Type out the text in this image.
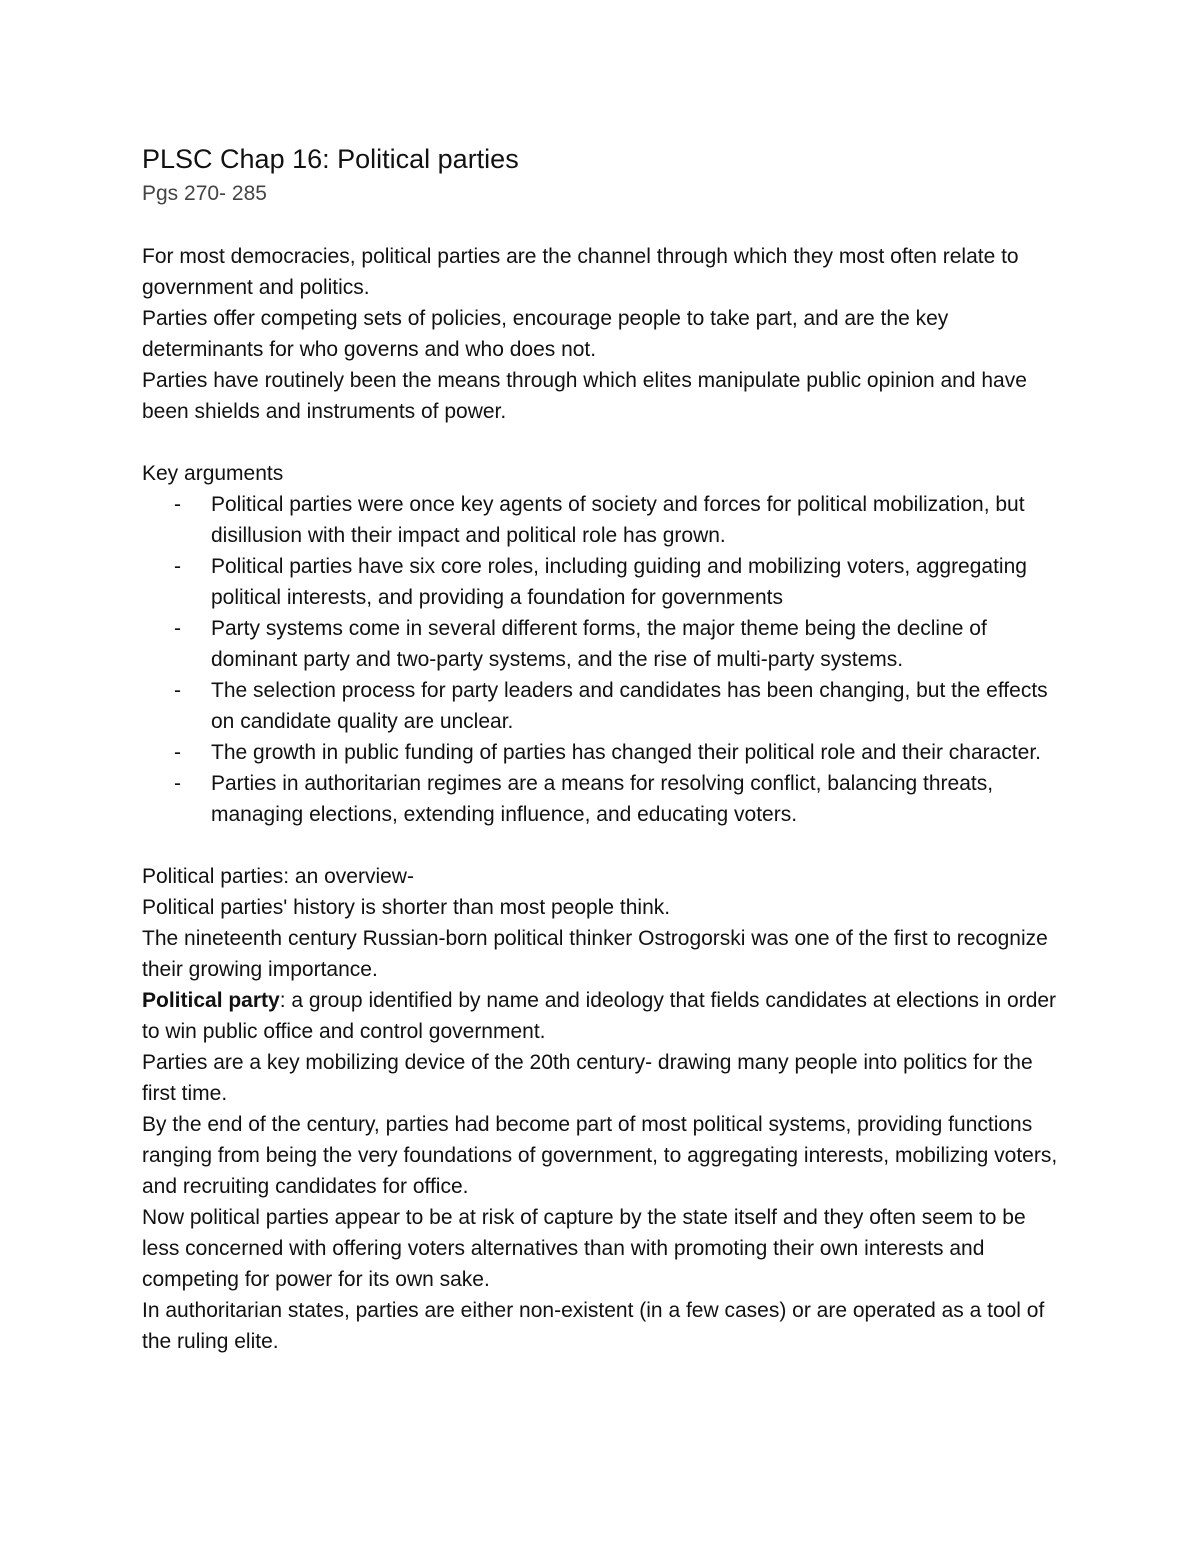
PLSC Chap 16: Political parties
Pgs 270- 285

For most democracies, political parties are the channel through which they most often relate to government and politics.

Parties offer competing sets of policies, encourage people to take part, and are the key determinants for who governs and who does not.

Parties have routinely been the means through which elites manipulate public opinion and have been shields and instruments of power.

Key arguments

- Political parties were once key agents of society and forces for political mobilization, but disillusion with their impact and political role has grown.
- Political parties have six core roles, including guiding and mobilizing voters, aggregating political interests, and providing a foundation for governments
- Party systems come in several different forms, the major theme being the decline of dominant party and two-party systems, and the rise of multi-party systems.
- The selection process for party leaders and candidates has been changing, but the effects on candidate quality are unclear.
- The growth in public funding of parties has changed their political role and their character.
- Parties in authoritarian regimes are a means for resolving conflict, balancing threats, managing elections, extending influence, and educating voters.

Political parties: an overview-

Political parties' history is shorter than most people think.

The nineteenth century Russian-born political thinker Ostrogorski was one of the first to recognize their growing importance.

Political party: a group identified by name and ideology that fields candidates at elections in order to win public office and control government.

Parties are a key mobilizing device of the 20th century- drawing many people into politics for the first time.

By the end of the century, parties had become part of most political systems, providing functions ranging from being the very foundations of government, to aggregating interests, mobilizing voters, and recruiting candidates for office.

Now political parties appear to be at risk of capture by the state itself and they often seem to be less concerned with offering voters alternatives than with promoting their own interests and competing for power for its own sake.

In authoritarian states, parties are either non-existent (in a few cases) or are operated as a tool of the ruling elite.
